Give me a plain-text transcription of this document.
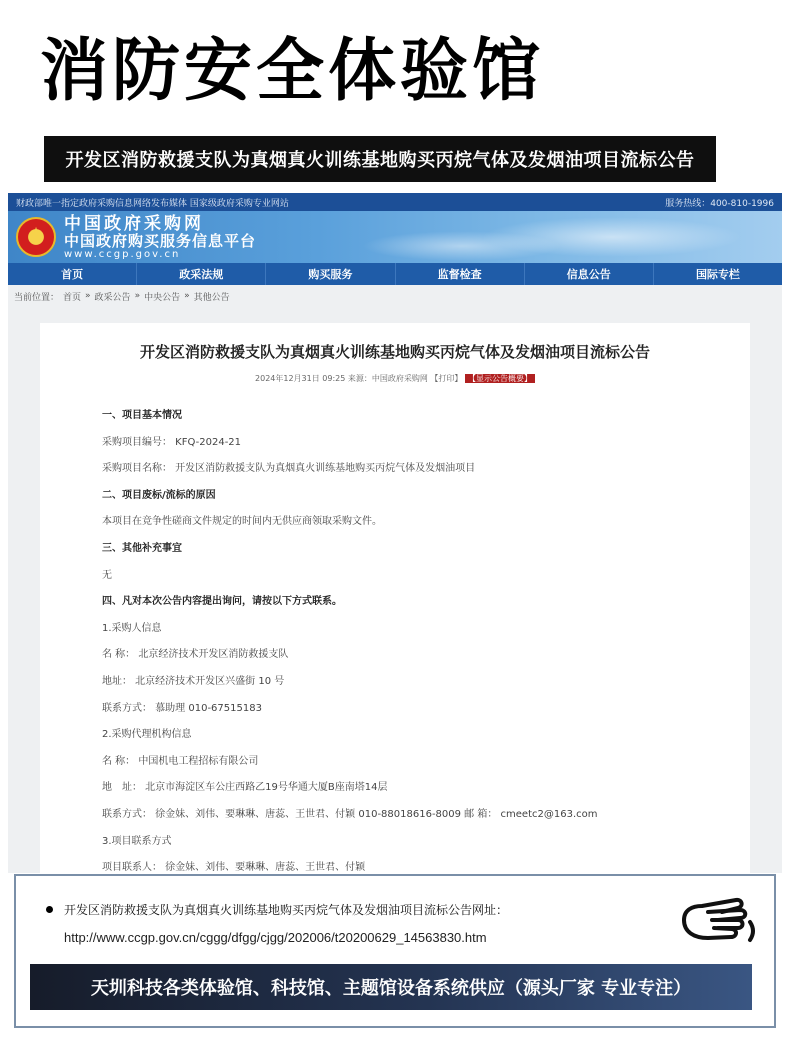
消防安全体验馆
开发区消防救援支队为真烟真火训练基地购买丙烷气体及发烟油项目流标公告
财政部唯一指定政府采购信息网络发布媒体 国家级政府采购专业网站	服务热线：400-810-1996
★	中国政府采购网
中国政府购买服务信息平台
www.ccgp.gov.cn
首页	政采法规	购买服务	监督检查	信息公告	国际专栏
当前位置： 首页 » 政采公告 » 中央公告 » 其他公告
开发区消防救援支队为真烟真火训练基地购买丙烷气体及发烟油项目流标公告
2024年12月31日 09:25 来源：中国政府采购网 【打印】 【显示公告概要】
一、项目基本情况
采购项目编号： KFQ-2024-21
采购项目名称： 开发区消防救援支队为真烟真火训练基地购买丙烷气体及发烟油项目
二、项目废标/流标的原因
本项目在竞争性磋商文件规定的时间内无供应商领取采购文件。
三、其他补充事宜
无
四、凡对本次公告内容提出询问，请按以下方式联系。
1.采购人信息
名 称： 北京经济技术开发区消防救援支队
地址： 北京经济技术开发区兴盛街 10 号
联系方式： 慕助理 010-67515183
2.采购代理机构信息
名 称： 中国机电工程招标有限公司
地　址： 北京市海淀区车公庄西路乙19号华通大厦B座南塔14层
联系方式： 徐金妹、刘伟、要琳琳、唐蕊、王世君、付颖 010-88018616-8009 邮 箱： cmeetc2@163.com
3.项目联系方式
项目联系人： 徐金妹、刘伟、要琳琳、唐蕊、王世君、付颖
开发区消防救援支队为真烟真火训练基地购买丙烷气体及发烟油项目流标公告网址：
http://www.ccgp.gov.cn/cggg/dfgg/cjgg/202006/t20200629_14563830.htm
天圳科技各类体验馆、科技馆、主题馆设备系统供应（源头厂家 专业专注）
